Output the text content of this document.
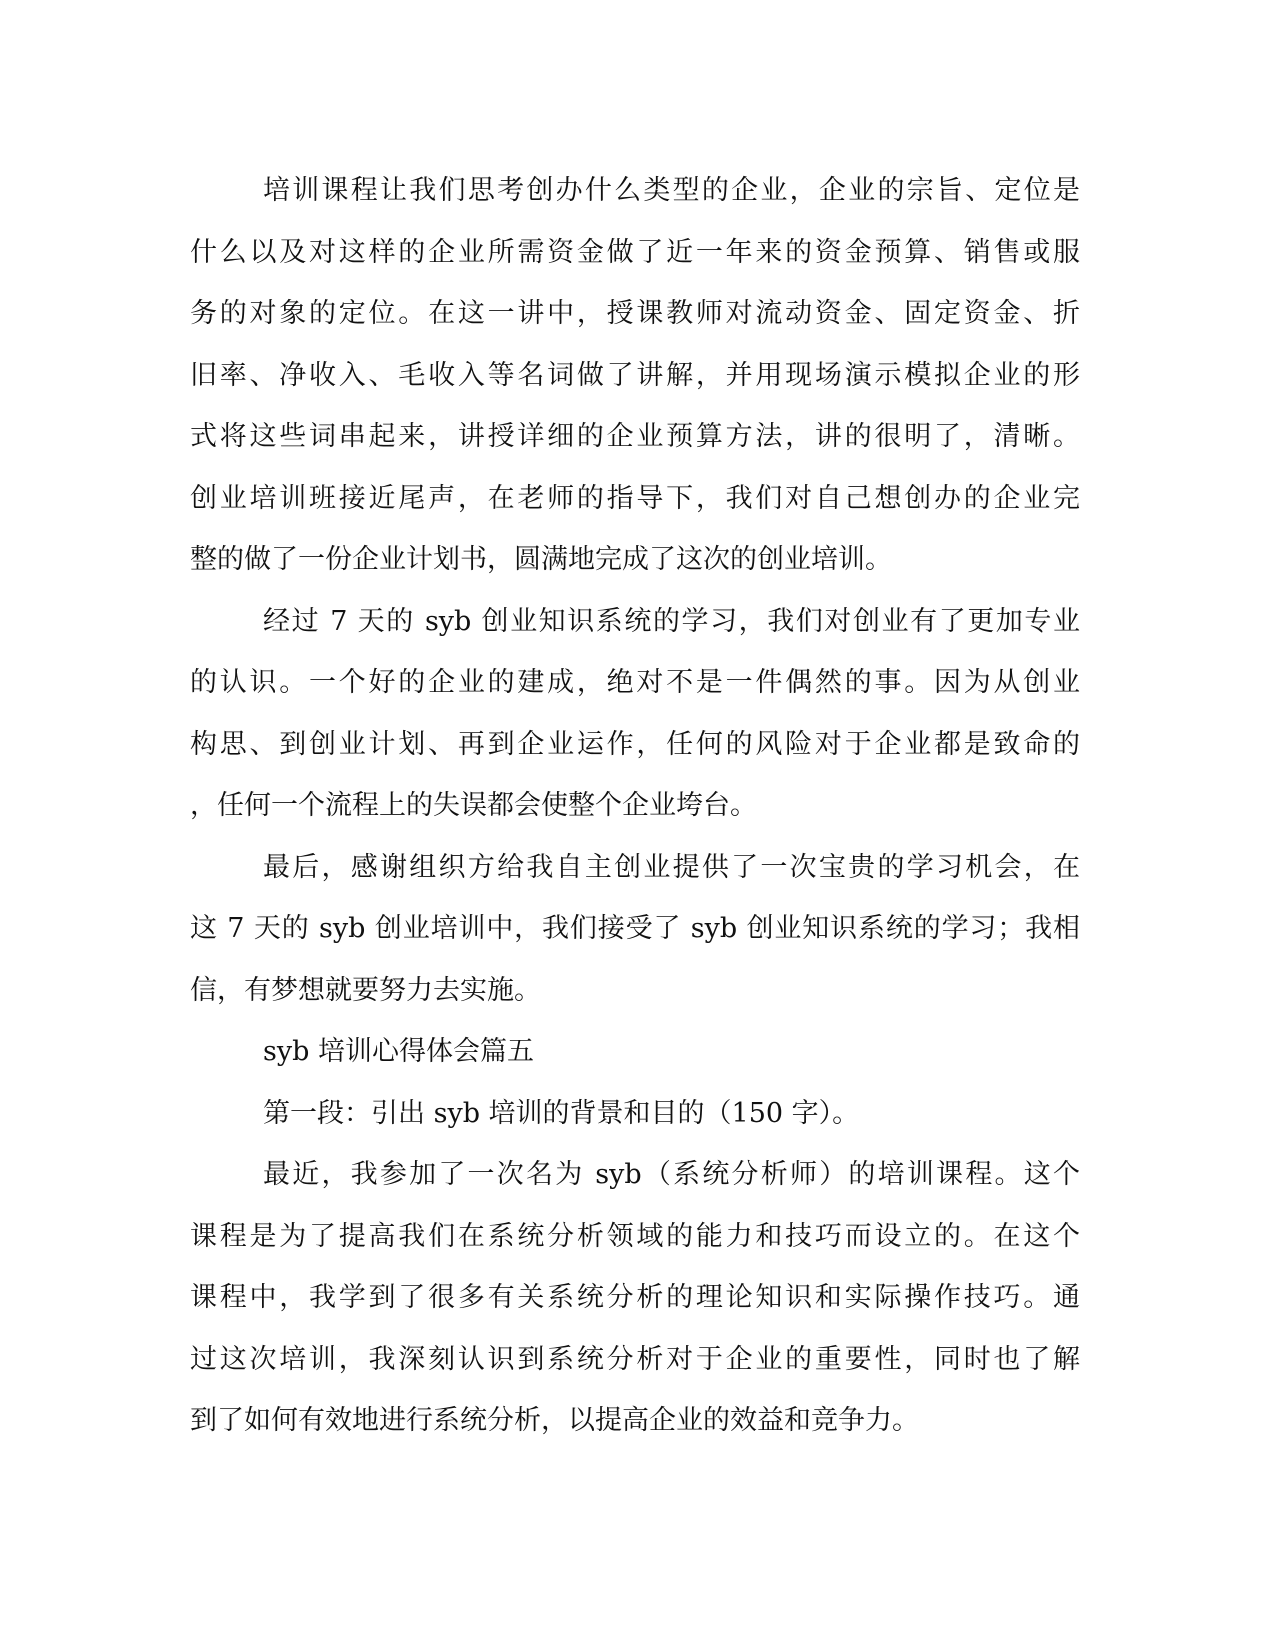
培训课程让我们思考创办什么类型的企业，企业的宗旨、定位是
什么以及对这样的企业所需资金做了近一年来的资金预算、销售或服
务的对象的定位。在这一讲中，授课教师对流动资金、固定资金、折
旧率、净收入、毛收入等名词做了讲解，并用现场演示模拟企业的形
式将这些词串起来，讲授详细的企业预算方法，讲的很明了，清晰。
创业培训班接近尾声，在老师的指导下，我们对自己想创办的企业完
整的做了一份企业计划书，圆满地完成了这次的创业培训。
经过 7 天的 syb 创业知识系统的学习，我们对创业有了更加专业
的认识。一个好的企业的建成，绝对不是一件偶然的事。因为从创业
构思、到创业计划、再到企业运作，任何的风险对于企业都是致命的
，任何一个流程上的失误都会使整个企业垮台。
最后，感谢组织方给我自主创业提供了一次宝贵的学习机会，在
这 7 天的 syb 创业培训中，我们接受了 syb 创业知识系统的学习；我相
信，有梦想就要努力去实施。
syb 培训心得体会篇五
第一段：引出 syb 培训的背景和目的（150 字）。
最近，我参加了一次名为 syb（系统分析师）的培训课程。这个
课程是为了提高我们在系统分析领域的能力和技巧而设立的。在这个
课程中，我学到了很多有关系统分析的理论知识和实际操作技巧。通
过这次培训，我深刻认识到系统分析对于企业的重要性，同时也了解
到了如何有效地进行系统分析，以提高企业的效益和竞争力。
